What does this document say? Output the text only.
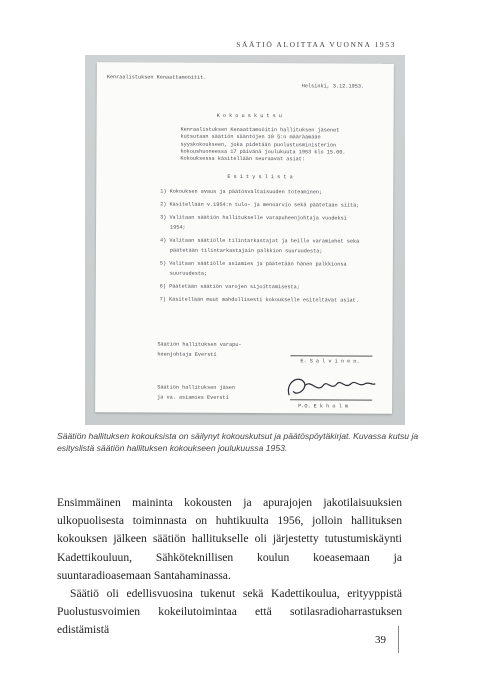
SÄÄTIÖ ALOITTAA VUONNA 1953
Kenraalistuksen Kenaattamoöitit.
Helsinki, 3.12.1953.
K o k o u s k u t s u
Kenraalistuksen Kenaattamoöitin hallituksen jäsenet kutsutaan säätiön sääntöjen 10 §:n määräämään syyskokoukseen, joka pidetään puolustusministeriön kokoushuoneessa 17 päivänä joulukuuta 1953 klo 15.00. Kokouksessa käsitellään seuraavat asiat:
E s i t y s l i s t a
1) Kokouksen avaus ja päätösvaltaisuuden toteaminen;
2) Käsitellään v.1954:n tulo- ja menoarvio sekä päätetään siitä;
3) Valitaan säätiön hallitukselle varapuheenjohtaja vuodeksi 1954;
4) Valitaan säätiölle tilintarkastajat ja heille varamiehet sekä päätetään tilintarkastajain palkkion suuruudesta;
5) Valitaan säätiölle asiamies ja päätetään hänen palkkionsa suuruudesta;
6) Päätetään säätiön varojen sijoittamisesta;
7) Käsitellään muut mahdollisesti kokoukselle esiteltävät asiat.
Säätiön hallituksen varapu-
heenjohtaja Everstí
E. S a l v i n e n.
Säätiön hallituksen jäsen
ja va. asiamies Everstí
P.O. E k h o l m
Säätiön hallituksen kokouksista on säilynyt kokouskutsut ja päätöspöytäkirjat. Kuvassa kutsu ja esityslistä säätiön hallituksen kokoukseen joulukuussa 1953.

Ensimmäinen maininta kokousten ja apurajojen jakotilaisuuksien ulkopuolisesta toiminnasta on huhtikuulta 1956, jolloin hallituksen kokouksen jälkeen säätiön hallitukselle oli järjestetty tutustumiskäynti Kadettikouluun, Sähköteknillisen koulun koeasemaan ja suuntaradioasemaan Santahaminassa.

Säätiö oli edellisvuosina tukenut sekä Kadettikoulua, erityyppistä Puolustusvoimien kokeilutoimintaa että sotilasradioharrastuksen edistämistä

39
